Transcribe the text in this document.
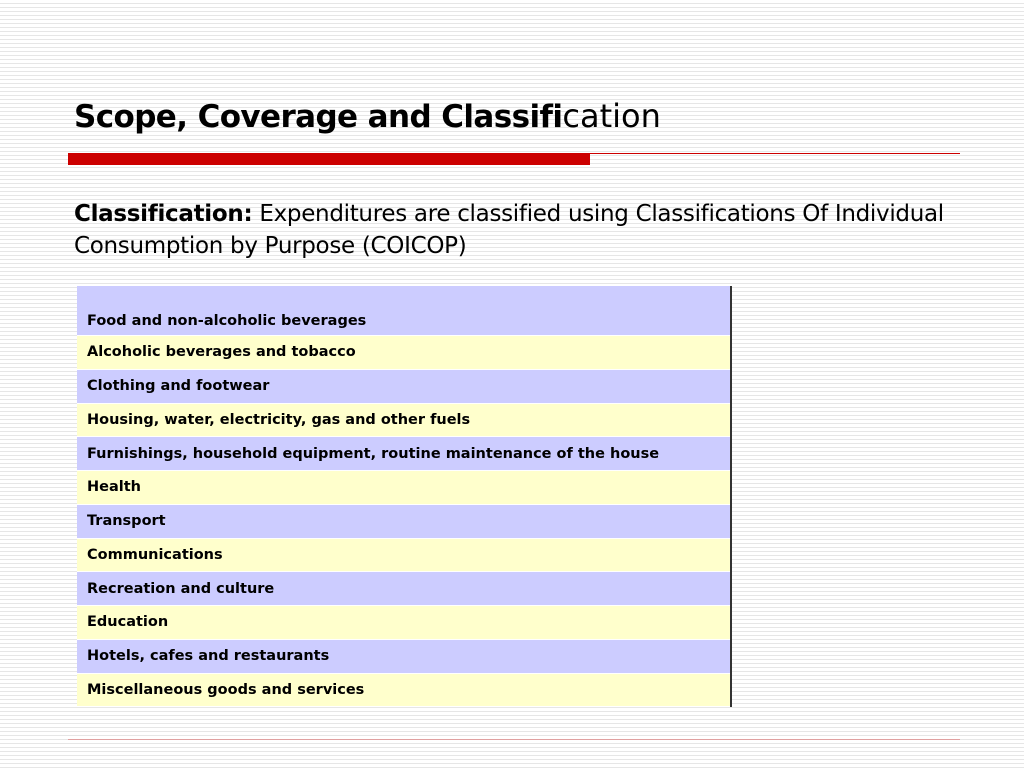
Scope, Coverage and Classification

Classification: Expenditures are classified using Classifications Of Individual Consumption by Purpose (COICOP)

Food and non-alcoholic beverages
Alcoholic beverages and tobacco
Clothing and footwear
Housing, water, electricity, gas and other fuels
Furnishings, household equipment, routine maintenance of the house
Health
Transport
Communications
Recreation and culture
Education
Hotels, cafes and restaurants
Miscellaneous goods and services
